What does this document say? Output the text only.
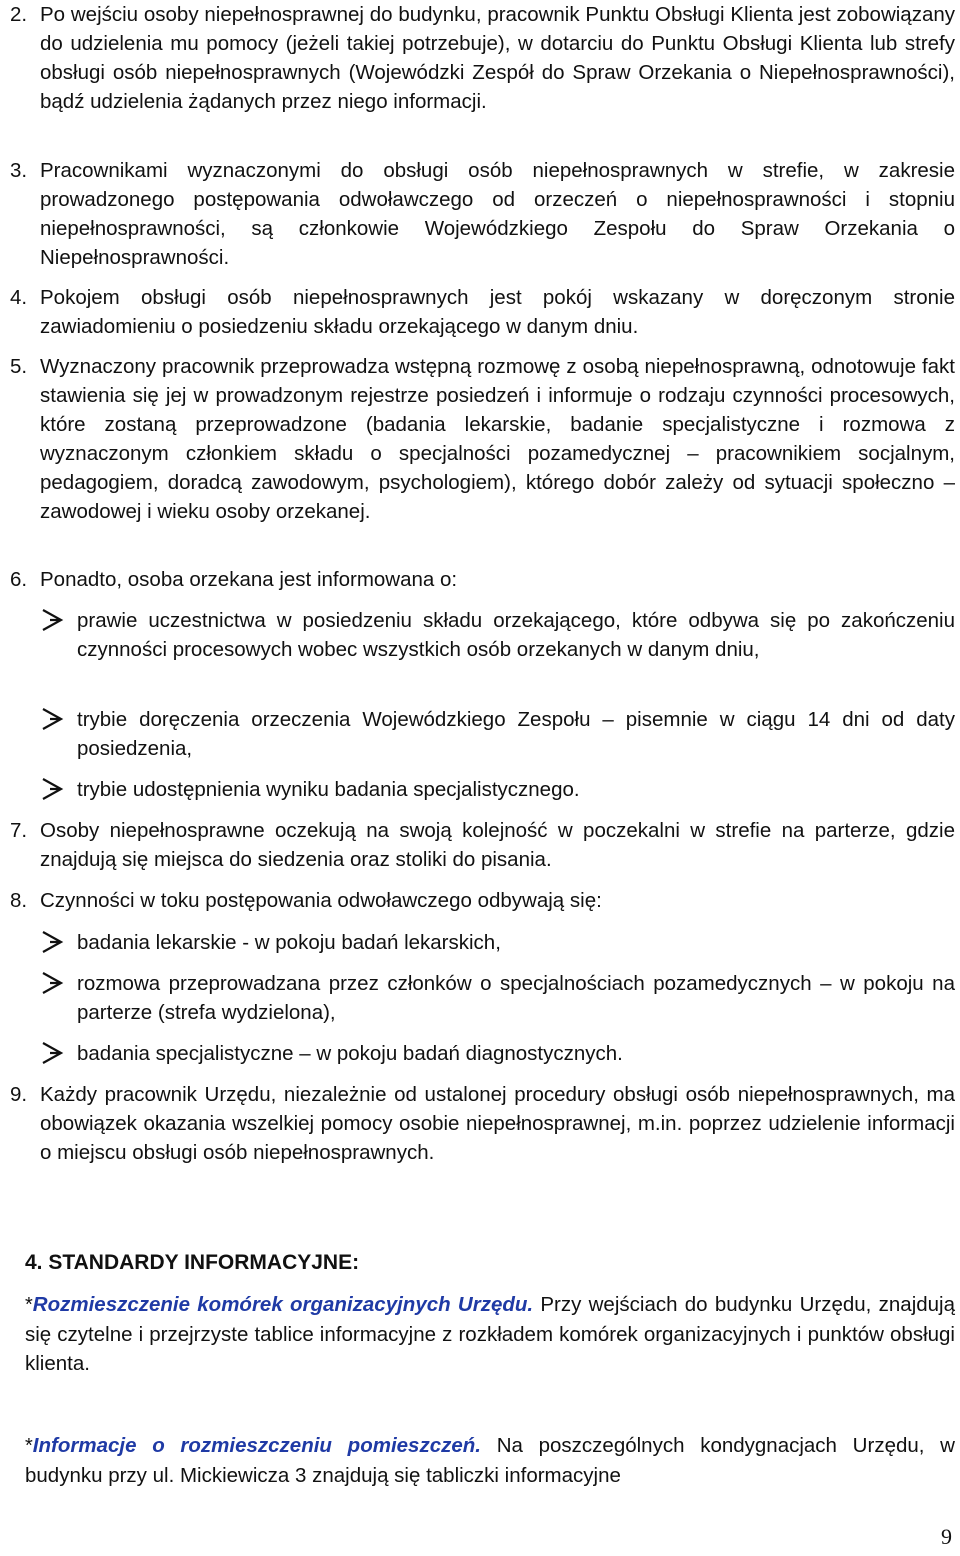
2. Po wejściu osoby niepełnosprawnej do budynku, pracownik Punktu Obsługi Klienta jest zobowiązany do udzielenia mu pomocy (jeżeli takiej potrzebuje), w dotarciu do Punktu Obsługi Klienta lub strefy obsługi osób niepełnosprawnych (Wojewódzki Zespół do Spraw Orzekania o Niepełnosprawności), bądź udzielenia żądanych przez niego informacji.
3. Pracownikami wyznaczonymi do obsługi osób niepełnosprawnych w strefie, w zakresie prowadzonego postępowania odwoławczego od orzeczeń o niepełnosprawności i stopniu niepełnosprawności, są członkowie Wojewódzkiego Zespołu do Spraw Orzekania o Niepełnosprawności.
4. Pokojem obsługi osób niepełnosprawnych jest pokój wskazany w doręczonym stronie zawiadomieniu o posiedzeniu składu orzekającego w danym dniu.
5. Wyznaczony pracownik przeprowadza wstępną rozmowę z osobą niepełnosprawną, odnotowuje fakt stawienia się jej w prowadzonym rejestrze posiedzeń i informuje o rodzaju czynności procesowych, które zostaną przeprowadzone (badania lekarskie, badanie specjalistyczne i rozmowa z wyznaczonym członkiem składu o specjalności pozamedycznej – pracownikiem socjalnym, pedagogiem, doradcą zawodowym, psychologiem), którego dobór zależy od sytuacji społeczno – zawodowej i wieku osoby orzekanej.
6. Ponadto, osoba orzekana jest informowana o:
prawie uczestnictwa w posiedzeniu składu orzekającego, które odbywa się po zakończeniu czynności procesowych wobec wszystkich osób orzekanych w danym dniu,
trybie doręczenia orzeczenia Wojewódzkiego Zespołu – pisemnie w ciągu 14 dni od daty posiedzenia,
trybie udostępnienia wyniku badania specjalistycznego.
7. Osoby niepełnosprawne oczekują na swoją kolejność w poczekalni w strefie na parterze, gdzie znajdują się miejsca do siedzenia oraz stoliki do pisania.
8. Czynności w toku postępowania odwoławczego odbywają się:
badania lekarskie - w pokoju badań lekarskich,
rozmowa przeprowadzana przez członków o specjalnościach pozamedycznych – w pokoju na parterze (strefa wydzielona),
badania specjalistyczne – w pokoju badań diagnostycznych.
9. Każdy pracownik Urzędu, niezależnie od ustalonej procedury obsługi osób niepełnosprawnych, ma obowiązek okazania wszelkiej pomocy osobie niepełnosprawnej, m.in. poprzez udzielenie informacji o miejscu obsługi osób niepełnosprawnych.
4. STANDARDY INFORMACYJNE:
*Rozmieszczenie komórek organizacyjnych Urzędu. Przy wejściach do budynku Urzędu, znajdują się czytelne i przejrzyste tablice informacyjne z rozkładem komórek organizacyjnych i punktów obsługi klienta.
*Informacje o rozmieszczeniu pomieszczeń. Na poszczególnych kondygnacjach Urzędu, w budynku przy ul. Mickiewicza 3 znajdują się tabliczki informacyjne
9
